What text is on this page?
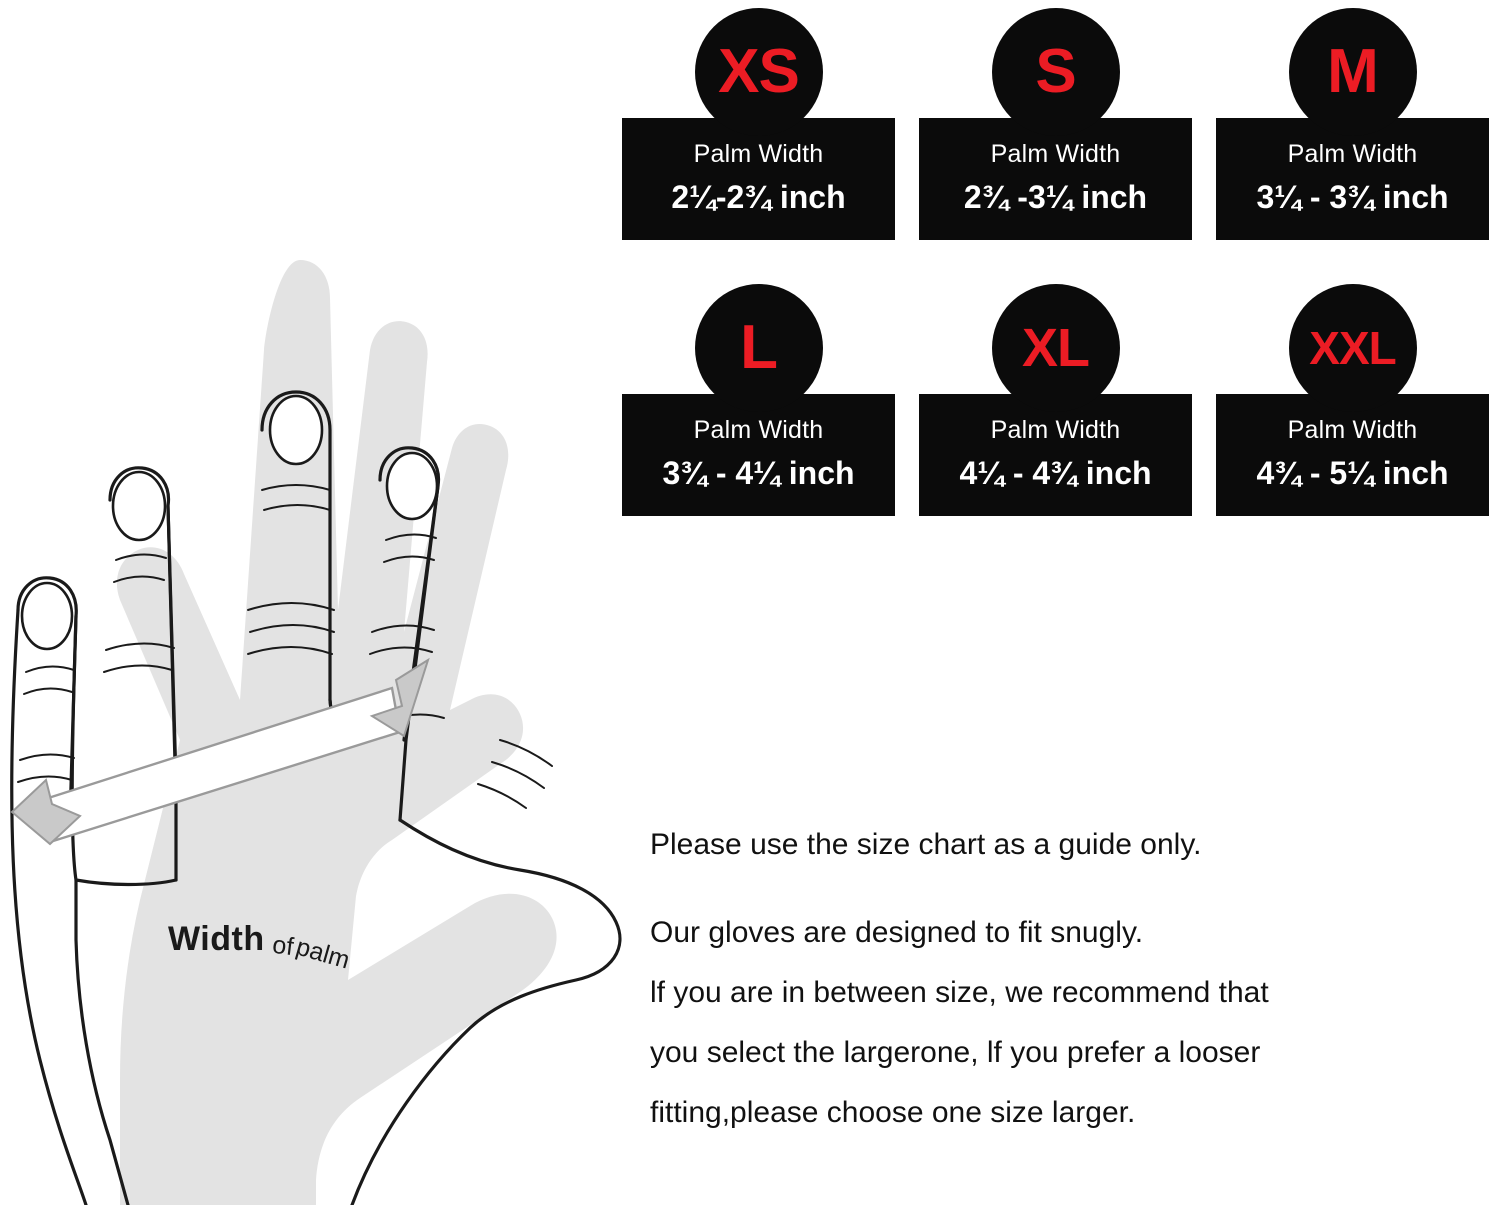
Width ofpalm
XS
Palm Width
2¼-2¾ inch
S
Palm Width
2¾ -3¼ inch
M
Palm Width
3¼ - 3¾ inch
L
Palm Width
3¾ - 4¼ inch
XL
Palm Width
4¼ - 4¾ inch
XXL
Palm Width
4¾ - 5¼ inch
Please use the size chart as a guide only.
Our gloves are designed to fit snugly.
lf you are in between size, we recommend that
you select the largerone, lf you prefer a looser
fitting,please choose one size larger.
